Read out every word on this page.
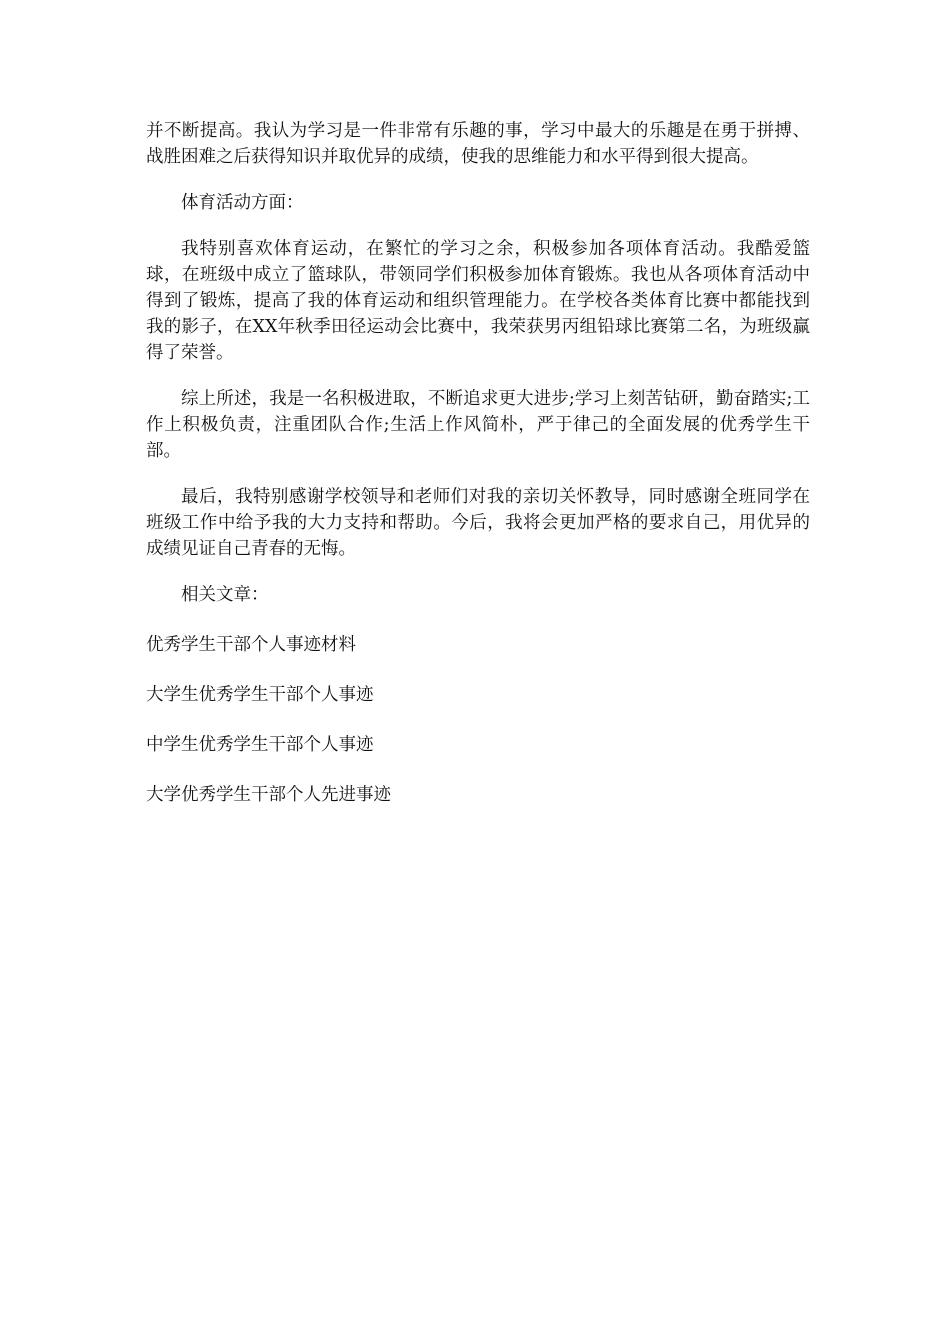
并不断提高。我认为学习是一件非常有乐趣的事，学习中最大的乐趣是在勇于拼搏、战胜困难之后获得知识并取优异的成绩，使我的思维能力和水平得到很大提高。

体育活动方面：

我特别喜欢体育运动，在繁忙的学习之余，积极参加各项体育活动。我酷爱篮球，在班级中成立了篮球队，带领同学们积极参加体育锻炼。我也从各项体育活动中得到了锻炼，提高了我的体育运动和组织管理能力。在学校各类体育比赛中都能找到我的影子，在XX年秋季田径运动会比赛中，我荣获男丙组铅球比赛第二名，为班级赢得了荣誉。

综上所述，我是一名积极进取，不断追求更大进步;学习上刻苦钻研，勤奋踏实;工作上积极负责，注重团队合作;生活上作风简朴，严于律己的全面发展的优秀学生干部。

最后，我特别感谢学校领导和老师们对我的亲切关怀教导，同时感谢全班同学在班级工作中给予我的大力支持和帮助。今后，我将会更加严格的要求自己，用优异的成绩见证自己青春的无悔。

相关文章：

优秀学生干部个人事迹材料
大学生优秀学生干部个人事迹
中学生优秀学生干部个人事迹
大学优秀学生干部个人先进事迹
